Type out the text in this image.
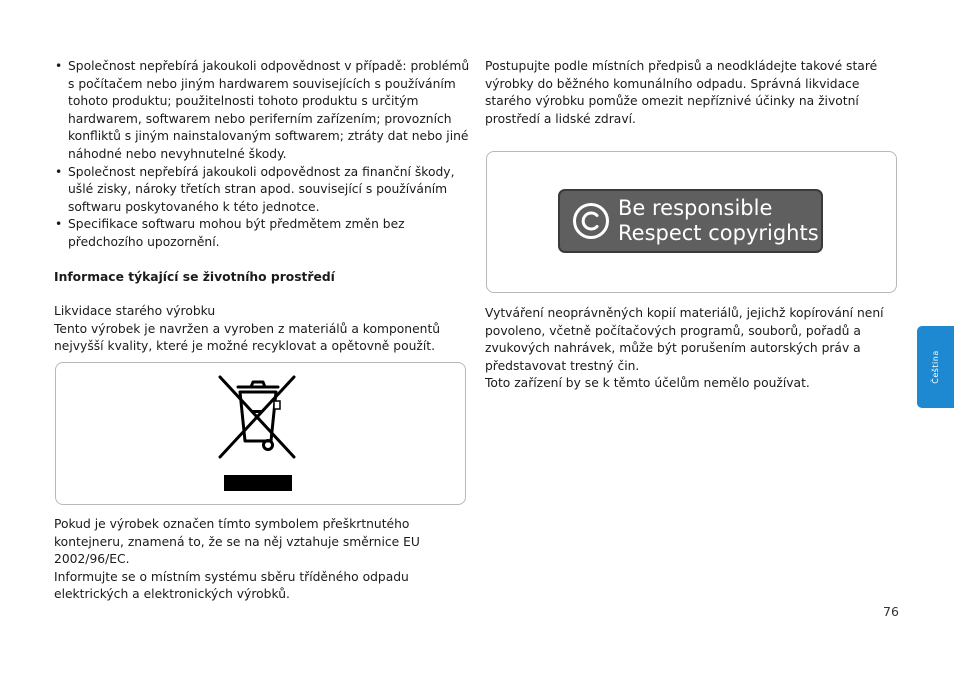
• Společnost nepřebírá jakoukoli odpovědnost v případě: problémů s počítačem nebo jiným hardwarem souvisejících s používáním tohoto produktu; použitelnosti tohoto produktu s určitým hardwarem, softwarem nebo periferním zařízením; provozních konfliktů s jiným nainstalovaným softwarem; ztráty dat nebo jiné náhodné nebo nevyhnutelné škody.
• Společnost nepřebírá jakoukoli odpovědnost za finanční škody, ušlé zisky, nároky třetích stran apod. související s používáním softwaru poskytovaného k této jednotce.
• Specifikace softwaru mohou být předmětem změn bez předchozího upozornění.

Informace týkající se životního prostředí

Likvidace starého výrobku

Tento výrobek je navržen a vyroben z materiálů a komponentů nejvyšší kvality, které je možné recyklovat a opětovně použít.

Pokud je výrobek označen tímto symbolem přeškrtnutého kontejneru, znamená to, že se na něj vztahuje směrnice EU 2002/96/EC.

Informujte se o místním systému sběru tříděného odpadu elektrických a elektronických výrobků.

Postupujte podle místních předpisů a neodkládejte takové staré výrobky do běžného komunálního odpadu. Správná likvidace starého výrobku pomůže omezit nepříznivé účinky na životní prostředí a lidské zdraví.

Be responsible
Respect copyrights

Vytváření neoprávněných kopií materiálů, jejichž kopírování není povoleno, včetně počítačových programů, souborů, pořadů a zvukových nahrávek, může být porušením autorských práv a představovat trestný čin.

Toto zařízení by se k těmto účelům nemělo používat.	Čeština
76
